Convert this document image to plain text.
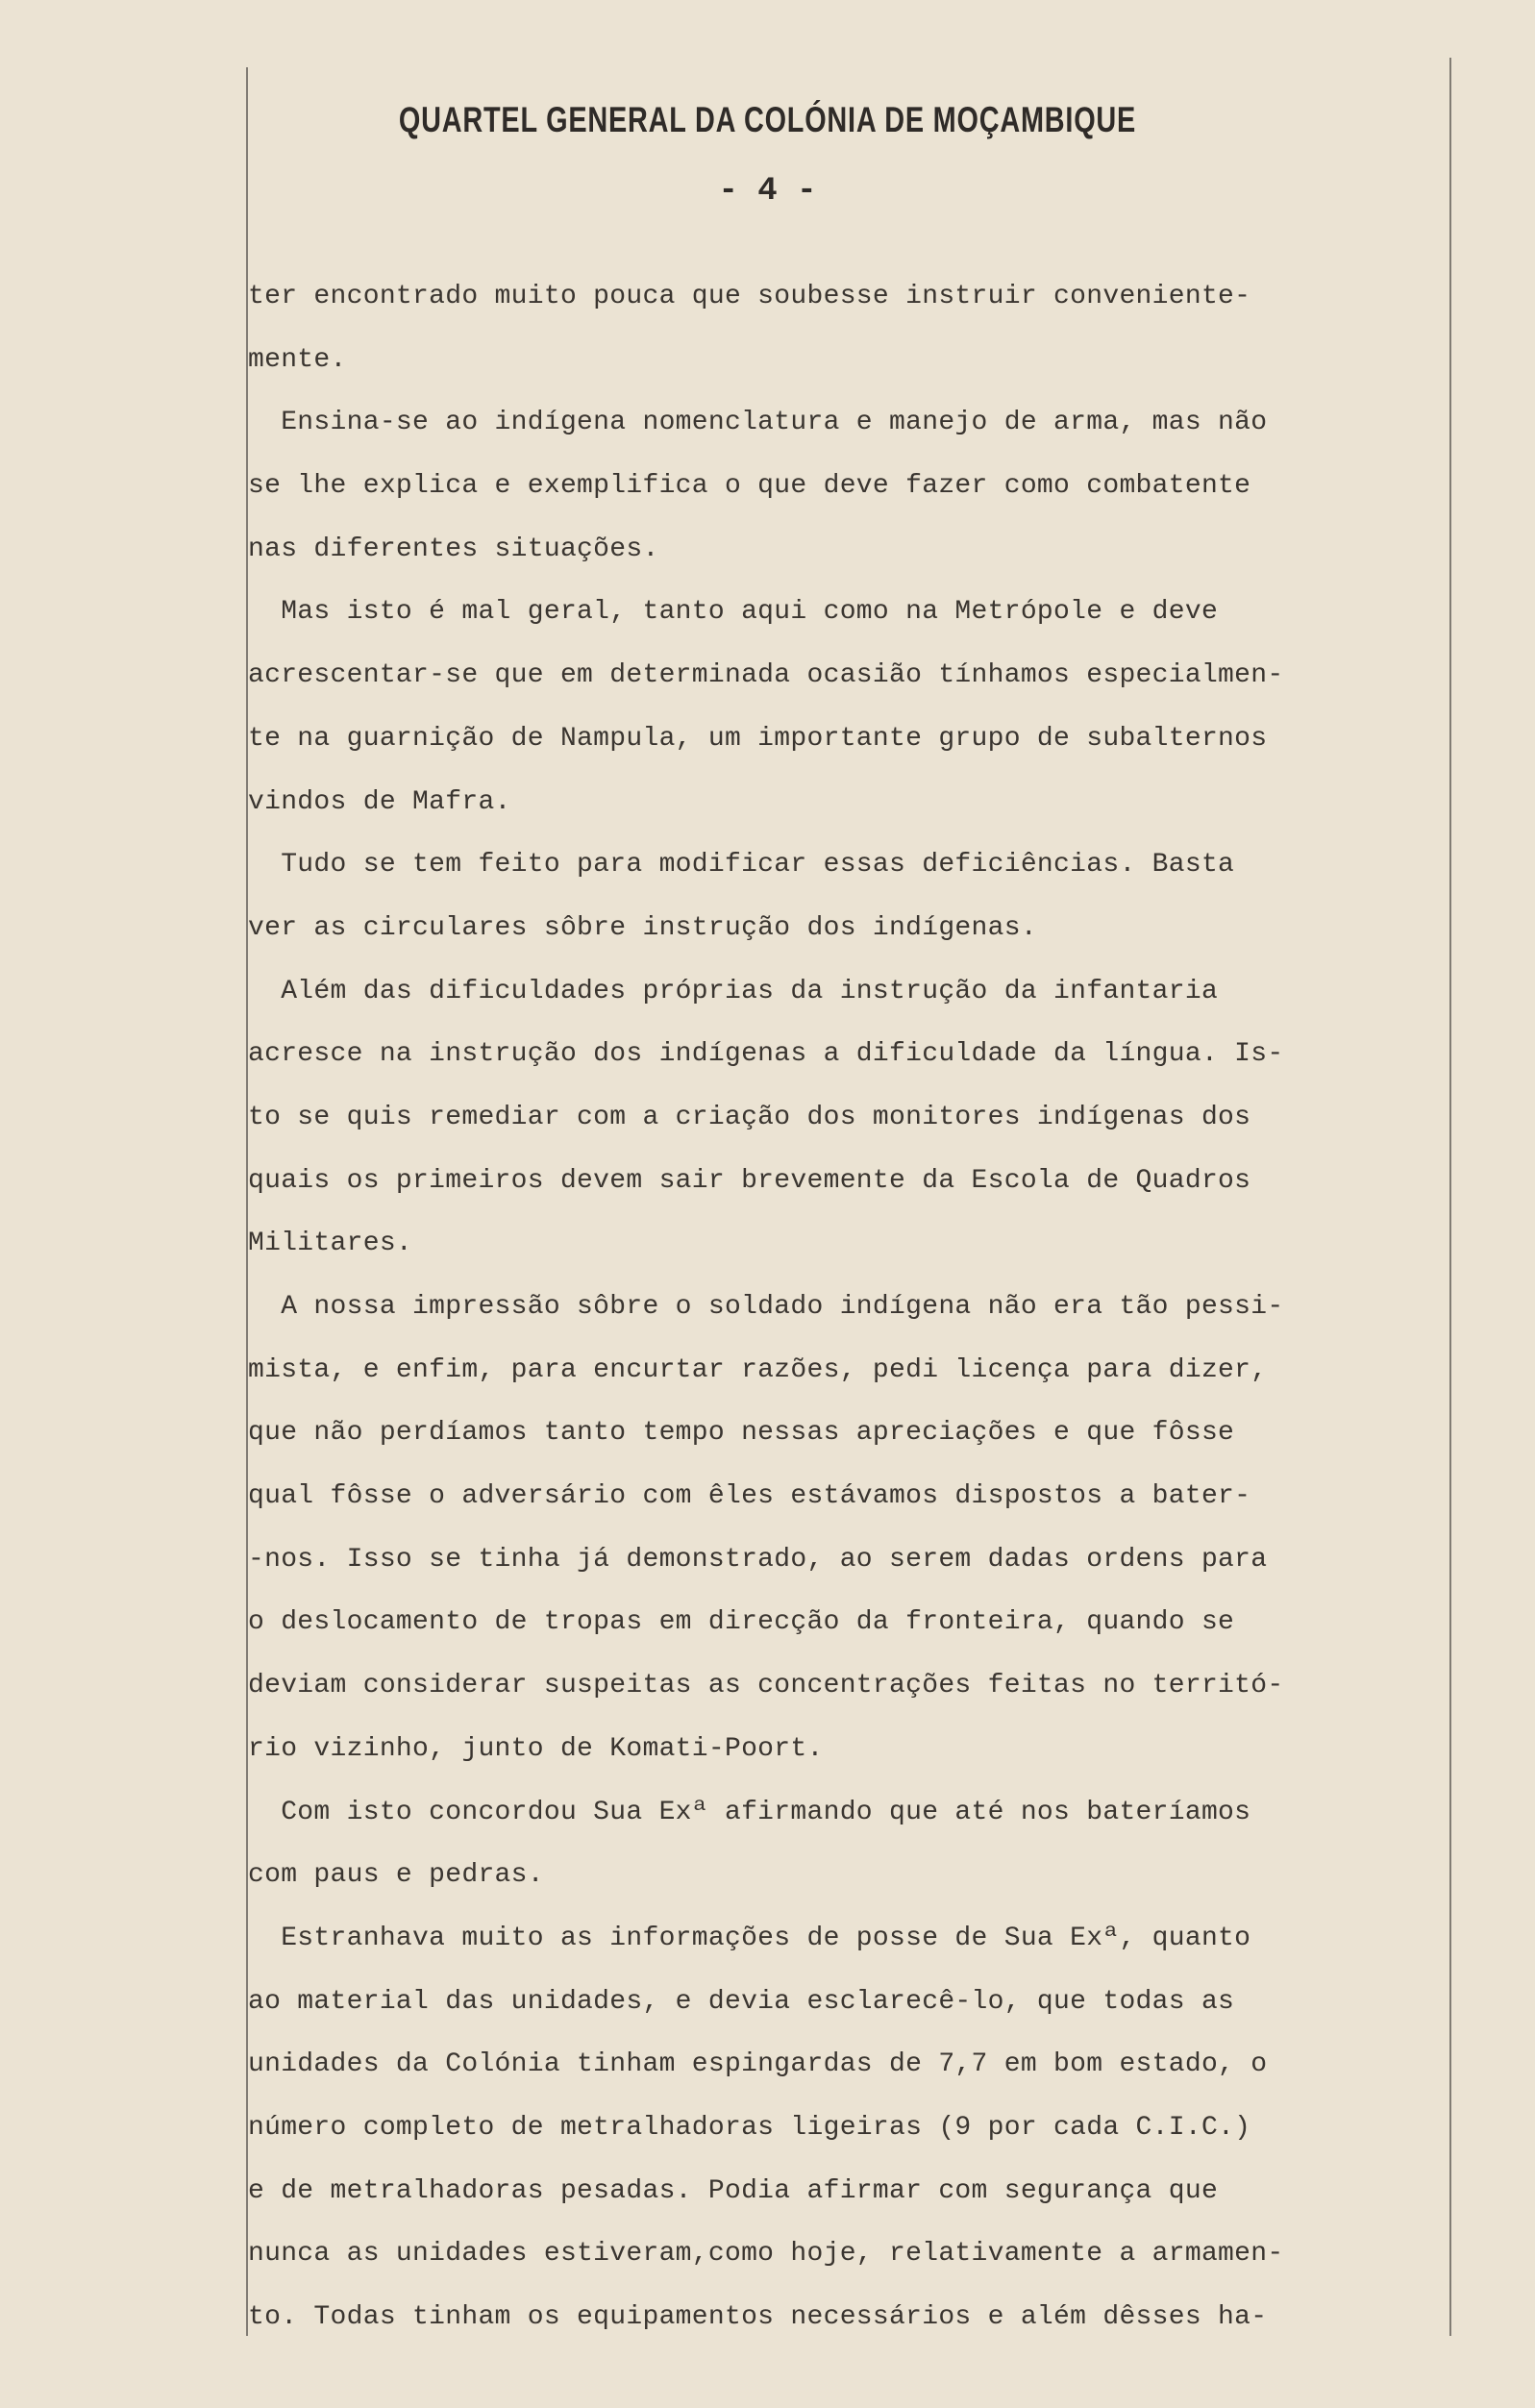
QUARTEL GENERAL DA COLÓNIA DE MOÇAMBIQUE
- 4 -
ter encontrado muito pouca que soubesse instruir conveniente-
mente.
Ensina-se ao indígena nomenclatura e manejo de arma, mas não
se lhe explica e exemplifica o que deve fazer como combatente
nas diferentes situações.
Mas isto é mal geral, tanto aqui como na Metrópole e deve
acrescentar-se que em determinada ocasião tínhamos especialmen-
te na guarnição de Nampula, um importante grupo de subalternos
vindos de Mafra.
Tudo se tem feito para modificar essas deficiências. Basta
ver as circulares sôbre instrução dos indígenas.
Além das dificuldades próprias da instrução da infantaria
acresce na instrução dos indígenas a dificuldade da língua. Is-
to se quis remediar com a criação dos monitores indígenas dos
quais os primeiros devem sair brevemente da Escola de Quadros
Militares.
A nossa impressão sôbre o soldado indígena não era tão pessi-
mista, e enfim, para encurtar razões, pedi licença para dizer,
que não perdíamos tanto tempo nessas apreciações e que fôsse
qual fôsse o adversário com êles estávamos dispostos a bater-
-nos. Isso se tinha já demonstrado, ao serem dadas ordens para
o deslocamento de tropas em direcção da fronteira, quando se
deviam considerar suspeitas as concentrações feitas no territó-
rio vizinho, junto de Komati-Poort.
Com isto concordou Sua Exª afirmando que até nos bateríamos
com paus e pedras.
Estranhava muito as informações de posse de Sua Exª, quanto
ao material das unidades, e devia esclarecê-lo, que todas as
unidades da Colónia tinham espingardas de 7,7 em bom estado, o
número completo de metralhadoras ligeiras (9 por cada C.I.C.)
e de metralhadoras pesadas. Podia afirmar com segurança que
nunca as unidades estiveram,como hoje, relativamente a armamen-
to. Todas tinham os equipamentos necessários e além dêsses ha-
